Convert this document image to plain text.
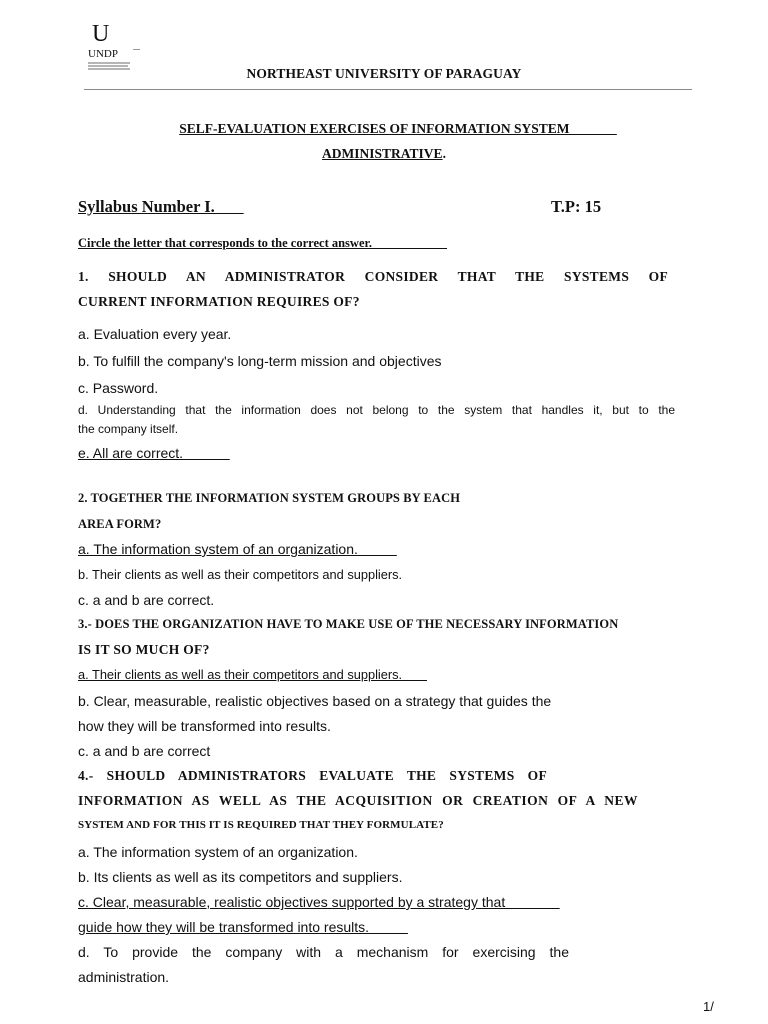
U
UNDP
NORTHEAST UNIVERSITY OF PARAGUAY
SELF-EVALUATION EXERCISES OF INFORMATION SYSTEM
ADMINISTRATIVE.
Syllabus Number I.	T.P: 15
Circle the letter that corresponds to the correct answer.
1. SHOULD AN ADMINISTRATOR CONSIDER THAT THE SYSTEMS OF
CURRENT INFORMATION REQUIRES OF?
a. Evaluation every year.
b. To fulfill the company's long-term mission and objectives
c. Password.
d. Understanding that the information does not belong to the system that handles it, but to the
the company itself.
e. All are correct.
2. TOGETHER THE INFORMATION SYSTEM GROUPS BY EACH
AREA FORM?
a. The information system of an organization.
b. Their clients as well as their competitors and suppliers.
c. a and b are correct.
3.- DOES THE ORGANIZATION HAVE TO MAKE USE OF THE NECESSARY INFORMATION
IS IT SO MUCH OF?
a. Their clients as well as their competitors and suppliers.
b. Clear, measurable, realistic objectives based on a strategy that guides the
how they will be transformed into results.
c. a and b are correct
4.- SHOULD ADMINISTRATORS EVALUATE THE SYSTEMS OF
INFORMATION AS WELL AS THE ACQUISITION OR CREATION OF A NEW
SYSTEM AND FOR THIS IT IS REQUIRED THAT THEY FORMULATE?
a. The information system of an organization.
b. Its clients as well as its competitors and suppliers.
c. Clear, measurable, realistic objectives supported by a strategy that
guide how they will be transformed into results.
d. To provide the company with a mechanism for exercising the
administration.
1/
